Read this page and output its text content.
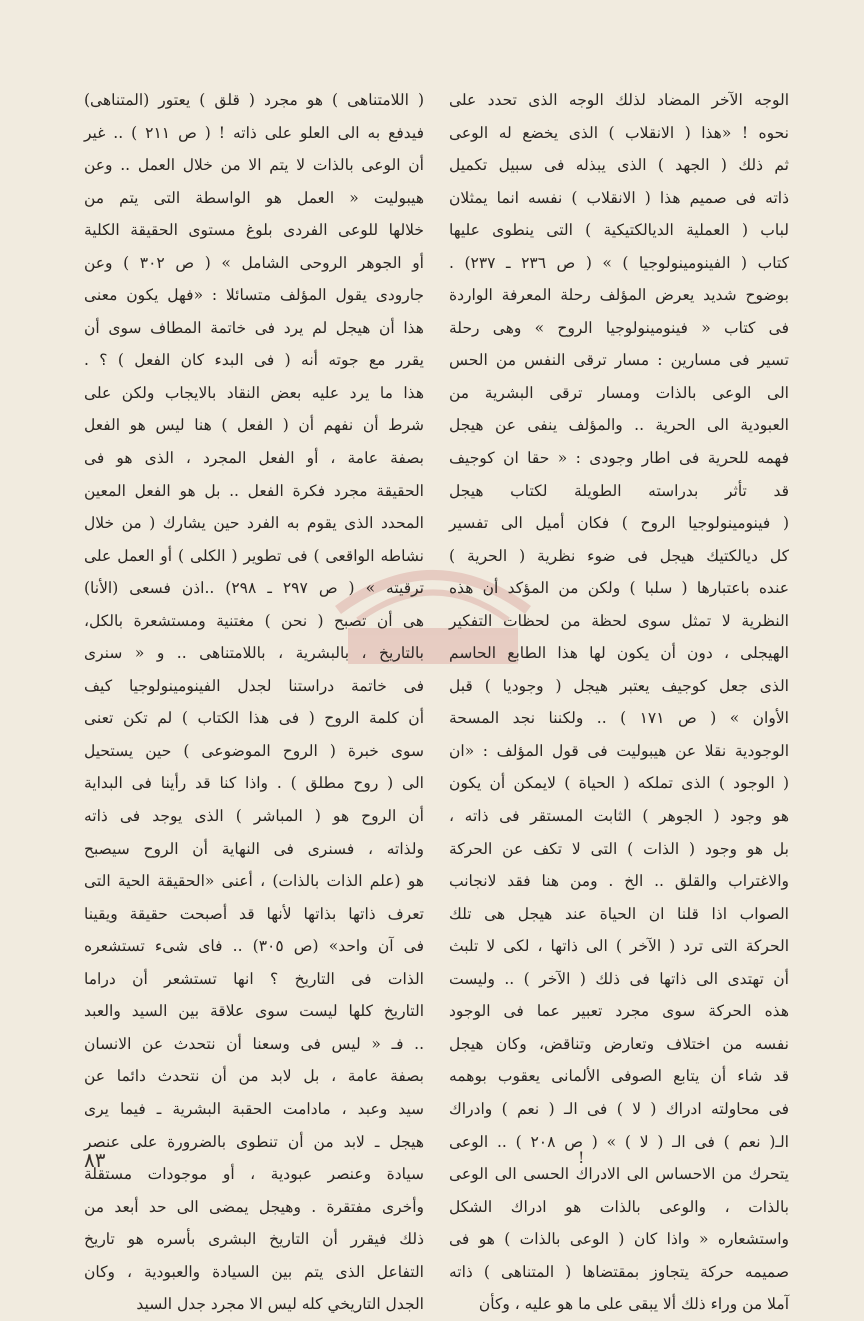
الوجه الآخر المضاد لذلك الوجه الذى تحدد على
نحوه ! «هذا ( الانقلاب ) الذى يخضع له الوعى
ثم ذلك ( الجهد ) الذى يبذله فى سبيل تكميل
ذاته فى صميم هذا ( الانقلاب ) نفسه انما يمثلان
لباب ( العملية الديالكتيكية ) التى ينطوى عليها
كتاب ( الفينومينولوجيا ) » ( ص ٢٣٦ ـ ٢٣٧) .
بوضوح شديد يعرض المؤلف رحلة المعرفة الواردة
فى كتاب « فينومينولوجيا الروح » وهى رحلة
تسير فى مسارين : مسار ترقى النفس من الحس
الى الوعى بالذات ومسار ترقى البشرية من
العبودية الى الحرية .. والمؤلف ينفى عن هيجل
فهمه للحرية فى اطار وجودى : « حقا ان كوجيف
قد تأثر بدراسته الطويلة لكتاب هيجل
( فينومينولوجيا الروح ) فكان أميل الى تفسير
كل ديالكتيك هيجل فى ضوء نظرية ( الحرية )
عنده باعتبارها ( سلبا ) ولكن من المؤكد أن هذه
النظرية لا تمثل سوى لحظة من لحظات التفكير
الهيجلى ، دون أن يكون لها هذا الطابع الحاسم
الذى جعل كوجيف يعتبر هيجل ( وجوديا ) قبل
الأوان » ( ص ١٧١ ) .. ولكننا نجد المسحة
الوجودية نقلا عن هيبوليت فى قول المؤلف : «ان
( الوجود ) الذى تملكه ( الحياة ) لايمكن أن يكون
هو وجود ( الجوهر ) الثابت المستقر فى ذاته ،
بل هو وجود ( الذات ) التى لا تكف عن الحركة
والاغتراب والقلق .. الخ . ومن هنا فقد لانجانب
الصواب اذا قلنا ان الحياة عند هيجل هى تلك
الحركة التى ترد ( الآخر ) الى ذاتها ، لكى لا تلبث
أن تهتدى الى ذاتها فى ذلك ( الآخر ) .. وليست
هذه الحركة سوى مجرد تعبير عما فى الوجود
نفسه من اختلاف وتعارض وتناقض، وكان هيجل
قد شاء أن يتابع الصوفى الألمانى يعقوب بوهمه
فى محاولته ادراك ( لا ) فى الـ ( نعم ) وادراك
الـ( نعم ) فى الـ ( لا ) » ( ص ٢٠٨ ) .. الوعى
يتحرك من الاحساس الى الادراك الحسى الى الوعى
بالذات ، والوعى بالذات هو ادراك الشكل
واستشعاره « واذا كان ( الوعى بالذات ) هو فى
صميمه حركة يتجاوز بمقتضاها ( المتناهى ) ذاته
آملا من وراء ذلك ألا يبقى على ما هو عليه ، وكأن
( اللامتناهى ) هو مجرد ( قلق ) يعتور (المتناهى)
فيدفع به الى العلو على ذاته ! ( ص ٢١١ ) .. غير
أن الوعى بالذات لا يتم الا من خلال العمل .. وعن
هيبوليت « العمل هو الواسطة التى يتم من
خلالها للوعى الفردى بلوغ مستوى الحقيقة الكلية
أو الجوهر الروحى الشامل » ( ص ٣٠٢ ) وعن
جارودى يقول المؤلف متسائلا : «فهل يكون معنى
هذا أن هيجل لم يرد فى خاتمة المطاف سوى أن
يقرر مع جوته أنه ( فى البدء كان الفعل ) ؟ .
هذا ما يرد عليه بعض النقاد بالايجاب ولكن على
شرط أن نفهم أن ( الفعل ) هنا ليس هو الفعل
بصفة عامة ، أو الفعل المجرد ، الذى هو فى
الحقيقة مجرد فكرة الفعل .. بل هو الفعل المعين
المحدد الذى يقوم به الفرد حين يشارك ( من خلال
نشاطه الواقعى ) فى تطوير ( الكلى ) أو العمل على
ترقيته » ( ص ٢٩٧ ـ ٢٩٨) ..اذن فسعى (الأنا)
هى أن تصبح ( نحن ) مغتنية ومستشعرة بالكل،
بالتاريخ ، بالبشرية ، باللامتناهى .. و « سنرى
فى خاتمة دراستنا لجدل الفينومينولوجيا كيف
أن كلمة الروح ( فى هذا الكتاب ) لم تكن تعنى
سوى خبرة ( الروح الموضوعى ) حين يستحيل
الى ( روح مطلق ) . واذا كنا قد رأينا فى البداية
أن الروح هو ( المباشر ) الذى يوجد فى ذاته
ولذاته ، فسنرى فى النهاية أن الروح سيصبح
هو (علم الذات بالذات) ، أعنى «الحقيقة الحية التى
تعرف ذاتها بذاتها لأنها قد أصبحت حقيقة ويقينا
فى آن واحد» (ص ٣٠٥) .. فاى شىء تستشعره
الذات فى التاريخ ؟ انها تستشعر أن دراما
التاريخ كلها ليست سوى علاقة بين السيد والعبد
.. فـ « ليس فى وسعنا أن نتحدث عن الانسان
بصفة عامة ، بل لابد من أن نتحدث دائما عن
سيد وعبد ، مادامت الحقبة البشرية ـ فيما يرى
هيجل ـ لابد من أن تنطوى بالضرورة على عنصر
سيادة وعنصر عبودية ، أو موجودات مستقلة
وأخرى مفتقرة . وهيجل يمضى الى حد أبعد من
ذلك فيقرر أن التاريخ البشرى بأسره هو تاريخ
التفاعل الذى يتم بين السيادة والعبودية ، وكان
الجدل التاريخي كله ليس الا مجرد جدل السيد
!
٨٣
